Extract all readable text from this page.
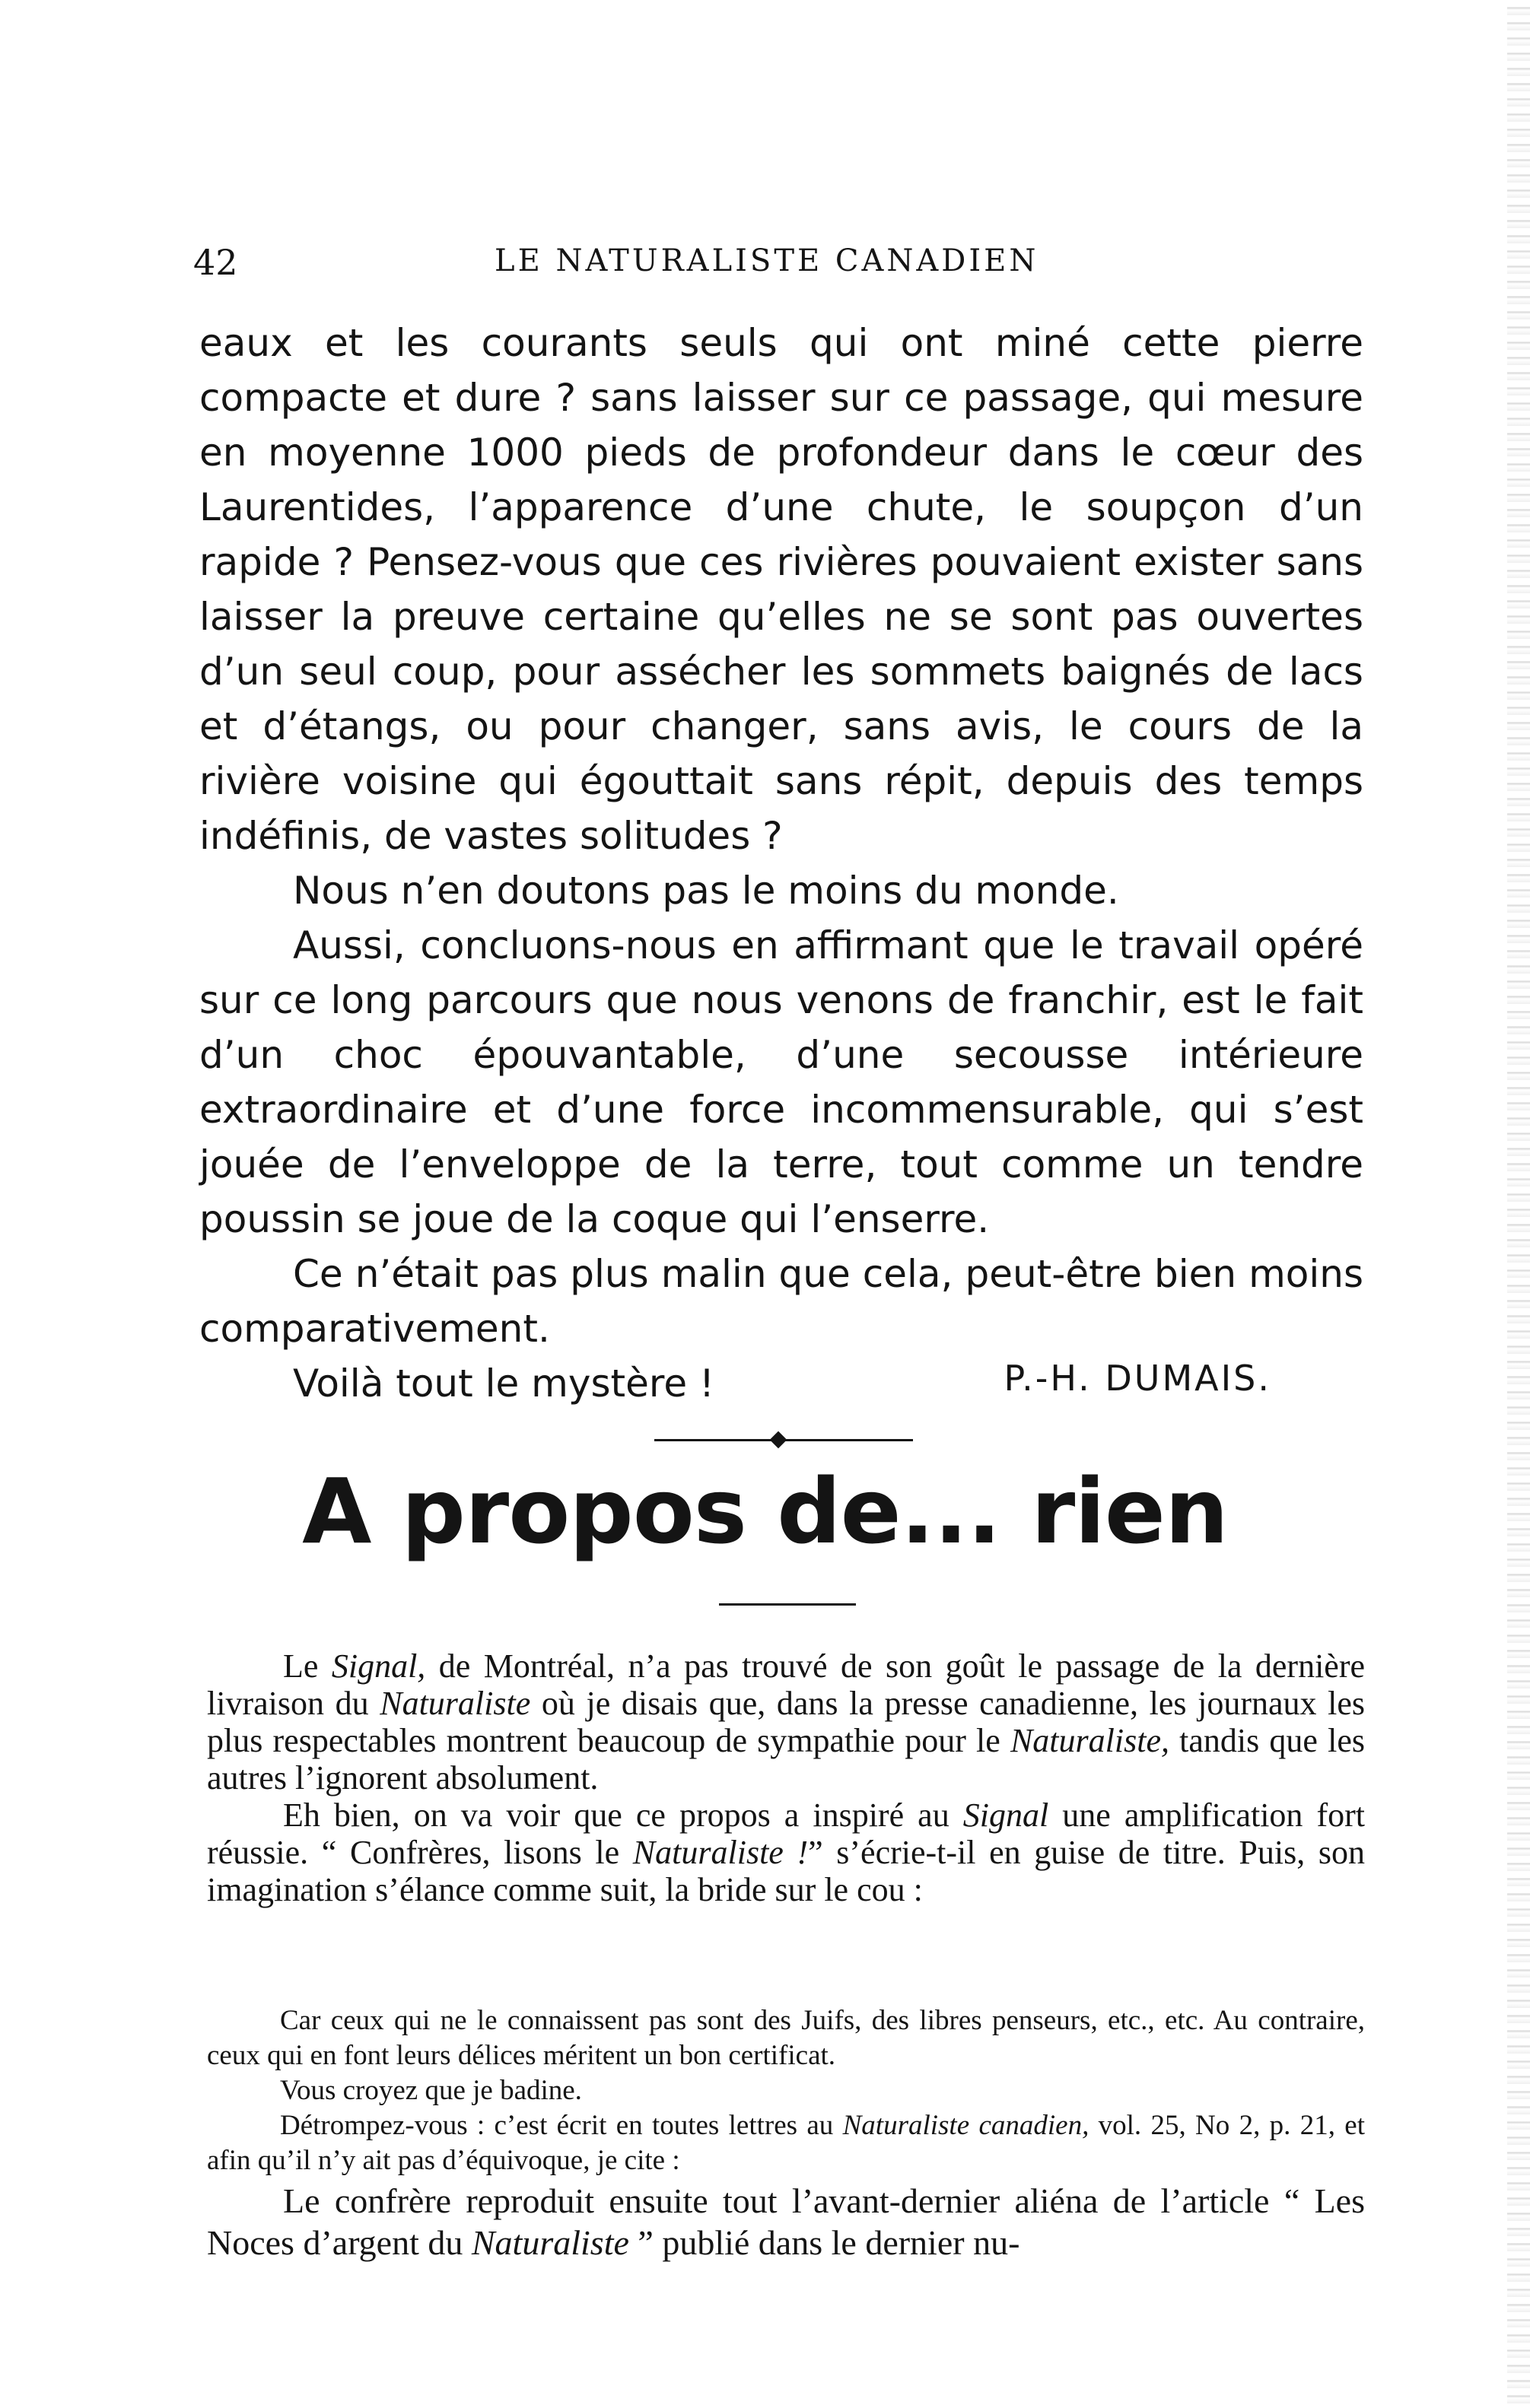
42	LE NATURALISTE CANADIEN

eaux et les courants seuls qui ont miné cette pierre compacte et dure ? sans laisser sur ce passage, qui mesure en moyenne 1000 pieds de profondeur dans le cœur des Laurentides, l’apparence d’une chute, le soupçon d’un rapide ? Pensez-vous que ces rivières pouvaient exister sans laisser la preuve certaine qu’elles ne se sont pas ouvertes d’un seul coup, pour assécher les sommets baignés de lacs et d’étangs, ou pour changer, sans avis, le cours de la rivière voisine qui égouttait sans répit, depuis des temps indéfinis, de vastes solitudes ?

Nous n’en doutons pas le moins du monde.

Aussi, concluons-nous en affirmant que le travail opéré sur ce long parcours que nous venons de franchir, est le fait d’un choc épouvantable, d’une secousse intérieure extraordinaire et d’une force incommensurable, qui s’est jouée de l’enveloppe de la terre, tout comme un tendre poussin se joue de la coque qui l’enserre.

Ce n’était pas plus malin que cela, peut-être bien moins comparativement.

Voilà tout le mystère !	P.-H. DUMAIS.
A propos de... rien

Le Signal, de Montréal, n’a pas trouvé de son goût le passage de la dernière livraison du Naturaliste où je disais que, dans la presse canadienne, les journaux les plus respectables montrent beaucoup de sympathie pour le Naturaliste, tandis que les autres l’ignorent absolument.

Eh bien, on va voir que ce propos a inspiré au Signal une amplification fort réussie. “ Confrères, lisons le Naturaliste !” s’écrie-t-il en guise de titre. Puis, son imagination s’élance comme suit, la bride sur le cou :

Car ceux qui ne le connaissent pas sont des Juifs, des libres penseurs, etc., etc. Au contraire, ceux qui en font leurs délices méritent un bon certificat.

Vous croyez que je badine.

Détrompez-vous : c’est écrit en toutes lettres au Naturaliste canadien, vol. 25, No 2, p. 21, et afin qu’il n’y ait pas d’équivoque, je cite :

Le confrère reproduit ensuite tout l’avant-dernier aliéna de l’article “ Les Noces d’argent du Naturaliste ” publié dans le dernier nu-
